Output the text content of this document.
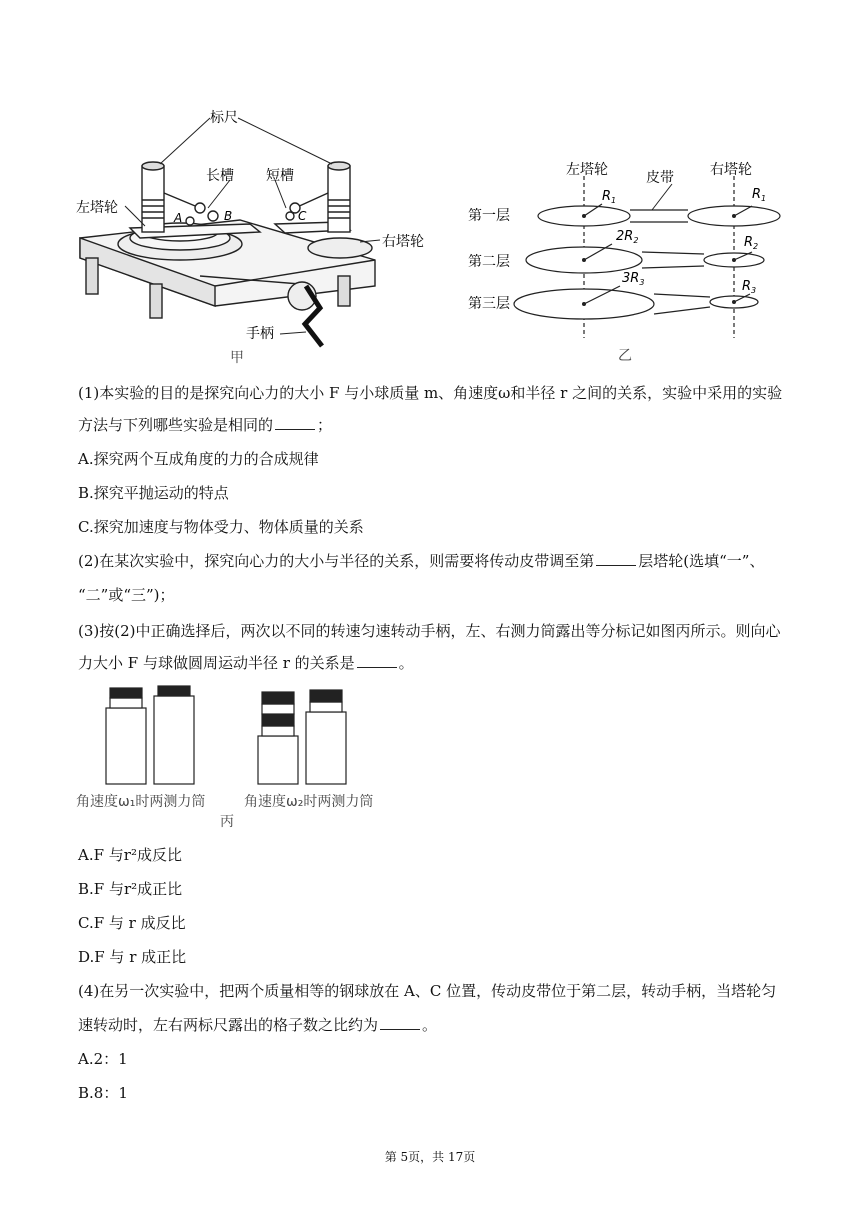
标尺
左塔轮
长槽 短槽
右塔轮
手柄
A	B	C
甲
左塔轮	皮带	右塔轮
第一层
第二层
第三层
$R_1$
$2R_2$
$3R_3$
$R_1$
$R_2$
$R_3$
乙
(1)本实验的目的是探究向心力的大小 F 与小球质量 m、角速度ω和半径 r 之间的关系，实验中采用的实验
方法与下列哪些实验是相同的	；
A.探究两个互成角度的力的合成规律
B.探究平抛运动的特点
C.探究加速度与物体受力、物体质量的关系
(2)在某次实验中，探究向心力的大小与半径的关系，则需要将传动皮带调至第	层塔轮(选填“一”、
“二”或“三”)；
(3)按(2)中正确选择后，两次以不同的转速匀速转动手柄，左、右测力筒露出等分标记如图丙所示。则向心
力大小 F 与球做圆周运动半径 r 的关系是	。
角速度ω₁时两测力筒	角速度ω₂时两测力筒
丙
A.F 与r²成反比
B.F 与r²成正比
C.F 与 r 成反比
D.F 与 r 成正比
(4)在另一次实验中，把两个质量相等的钢球放在 A、C 位置，传动皮带位于第二层，转动手柄，当塔轮匀
速转动时，左右两标尺露出的格子数之比约为	。
A.2：1
B.8：1
第 5页，共 17页
